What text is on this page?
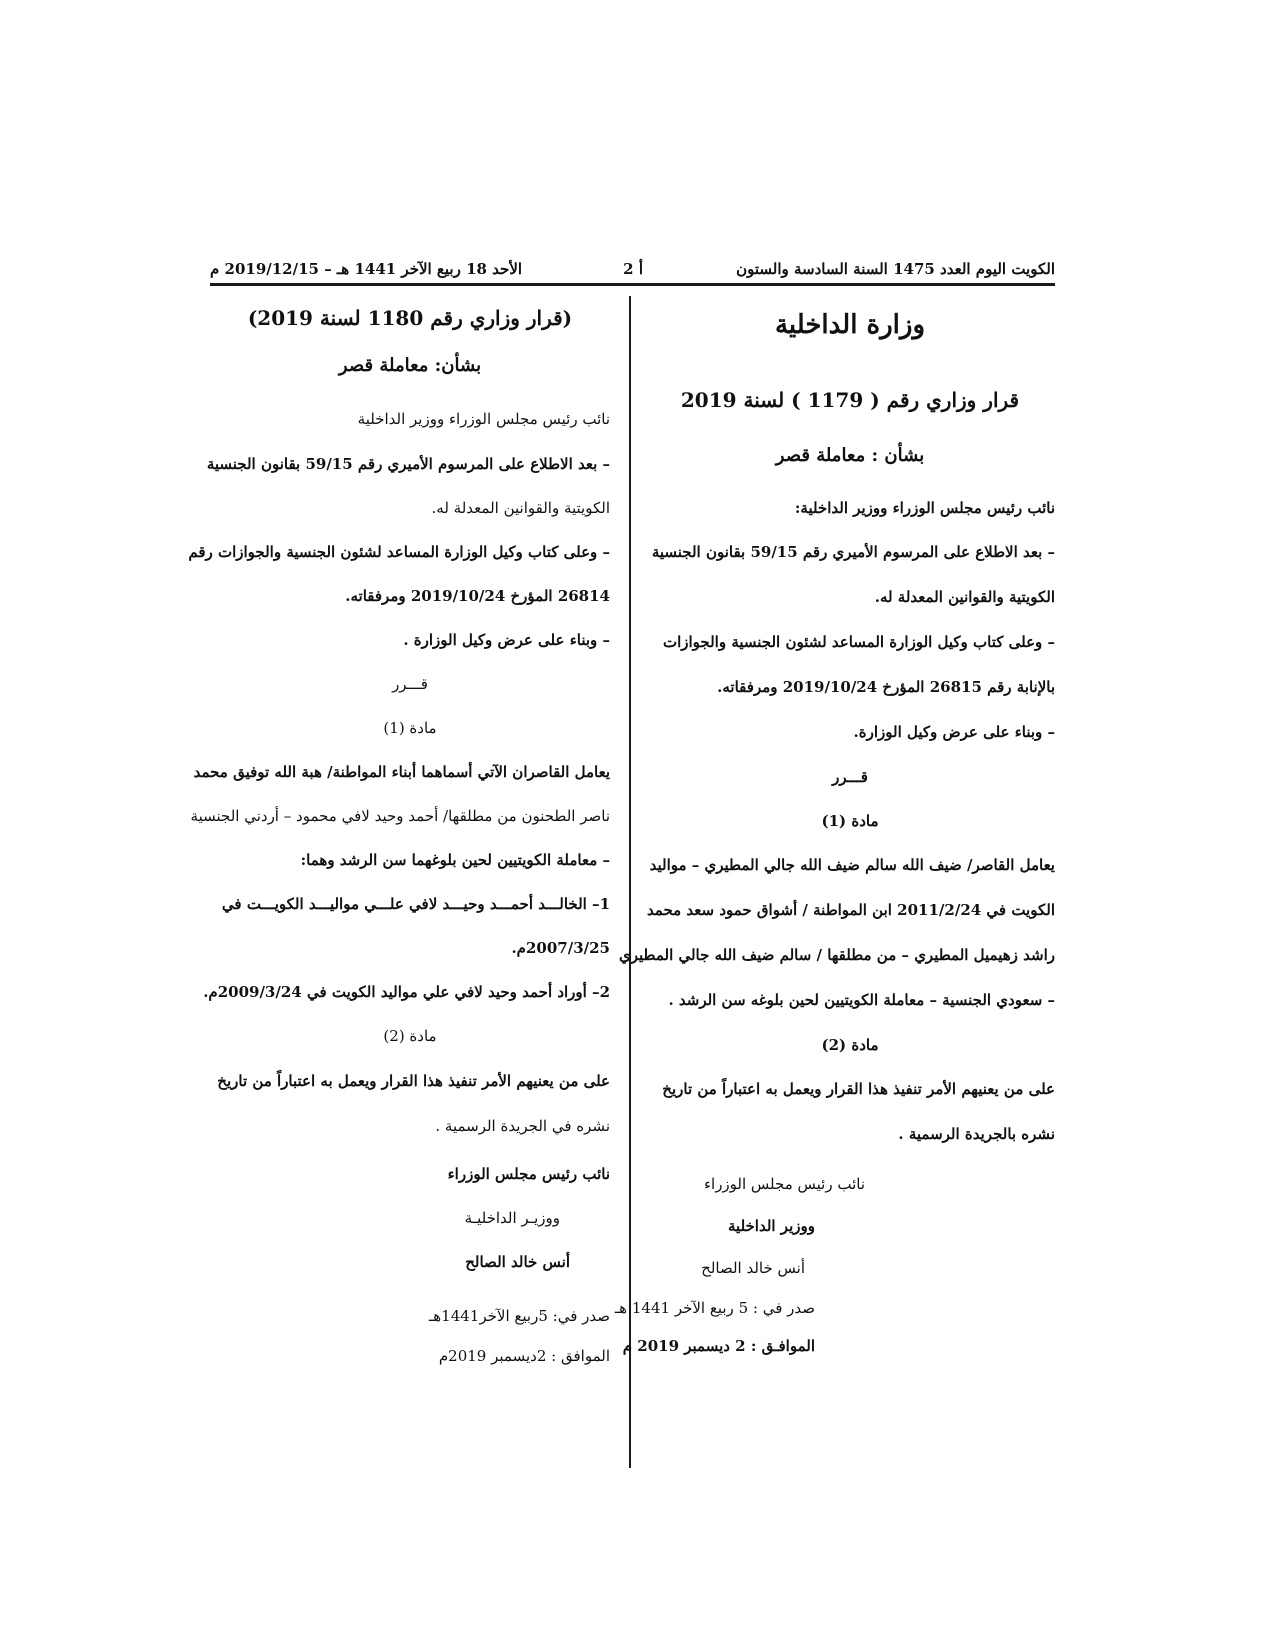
الكويت اليوم العدد 1475 السنة السادسة والستون
أ 2
الأحد 18 ربيع الآخر 1441 هـ – 2019/12/15 م
وزارة الداخلية
قرار وزاري رقم ( 1179 ) لسنة 2019
بشأن : معاملة قصر
نائب رئيس مجلس الوزراء ووزير الداخلية:
– بعد الاطلاع على المرسوم الأميري رقم 59/15 بقانون الجنسية
الكويتية والقوانين المعدلة له.
– وعلى كتاب وكيل الوزارة المساعد لشئون الجنسية والجوازات
بالإنابة رقم 26815 المؤرخ 2019/10/24 ومرفقاته.
– وبناء على عرض وكيل الوزارة.
قـــرر
مادة (1)
يعامل القاصر/ ضيف الله سالم ضيف الله جالي المطيري – مواليد
الكويت في 2011/2/24 ابن المواطنة / أشواق حمود سعد محمد
راشد زهيميل المطيري – من مطلقها / سالم ضيف الله جالي المطيري
– سعودي الجنسية – معاملة الكويتيين لحين بلوغه سن الرشد .
مادة (2)
على من يعنيهم الأمر تنفيذ هذا القرار ويعمل به اعتباراً من تاريخ
نشره بالجريدة الرسمية .
نائب رئيس مجلس الوزراء
ووزير الداخلية
أنس خالد الصالح
صدر في : 5 ربيع الآخر 1441 هـ
الموافـق : 2 ديسمبر 2019 م
(قرار وزاري رقم 1180 لسنة 2019)
بشأن: معاملة قصر
نائب رئيس مجلس الوزراء ووزير الداخلية
– بعد الاطلاع على المرسوم الأميري رقم 59/15 بقانون الجنسية
الكويتية والقوانين المعدلة له.
– وعلى كتاب وكيل الوزارة المساعد لشئون الجنسية والجوازات رقم
26814 المؤرخ 2019/10/24 ومرفقاته.
– وبناء على عرض وكيل الوزارة .
قـــرر
مادة (1)
يعامل القاصران الآتي أسماهما أبناء المواطنة/ هبة الله توفيق محمد
ناصر الطحنون من مطلقها/ أحمد وحيد لافي محمود – أردني الجنسية
– معاملة الكويتيين لحين بلوغهما سن الرشد وهما:
1– الخالـــد أحمـــد وحيـــد لافي علـــي مواليـــد الكويـــت في
2007/3/25م.
2– أوراد أحمد وحيد لافي علي مواليد الكويت في 2009/3/24م.
مادة (2)
على من يعنيهم الأمر تنفيذ هذا القرار ويعمل به اعتباراً من تاريخ
نشره في الجريدة الرسمية .
نائب رئيس مجلس الوزراء
ووزيـر الداخليـة
أنس خالد الصالح
صدر في: 5ربيع الآخر1441هـ
الموافق : 2ديسمبر 2019م
